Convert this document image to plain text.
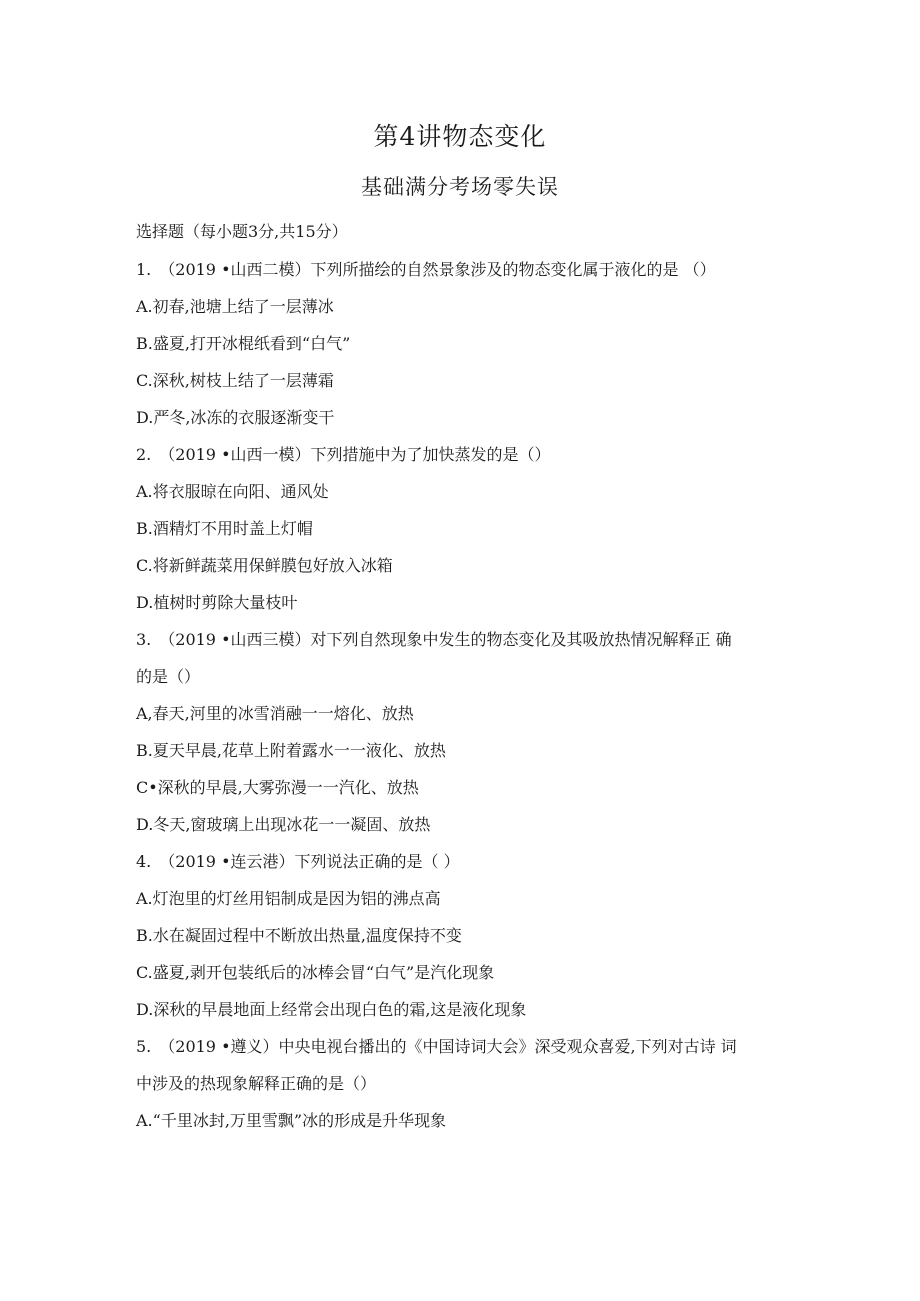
第4讲物态变化
基础满分考场零失误
选择题（每小题3分,共15分）
1.　（2019 •山西二模）下列所描绘的自然景象涉及的物态变化属于液化的是 （）
A.初春,池塘上结了一层薄冰
B.盛夏,打开冰棍纸看到“白气”
C.深秋,树枝上结了一层薄霜
D.严冬,冰冻的衣服逐渐变干
2.　（2019 •山西一模）下列措施中为了加快蒸发的是（）
A.将衣服晾在向阳、通风处
B.酒精灯不用时盖上灯帽
C.将新鲜蔬菜用保鲜膜包好放入冰箱
D.植树时剪除大量枝叶
3.　（2019 •山西三模）对下列自然现象中发生的物态变化及其吸放热情况解释正 确
的是（）
A,春天,河里的冰雪消融一一熔化、放热
B.夏天早晨,花草上附着露水一一液化、放热
C•深秋的早晨,大雾弥漫一一汽化、放热
D.冬天,窗玻璃上出现冰花一一凝固、放热
4.　（2019 •连云港）下列说法正确的是（ ）
A.灯泡里的灯丝用铝制成是因为铝的沸点高
B.水在凝固过程中不断放出热量,温度保持不变
C.盛夏,剥开包装纸后的冰棒会冒“白气”是汽化现象
D.深秋的早晨地面上经常会出现白色的霜,这是液化现象
5.　（2019 •遵义）中央电视台播出的《中国诗词大会》深受观众喜爱,下列对古诗 词
中涉及的热现象解释正确的是（）
A.“千里冰封,万里雪飘”冰的形成是升华现象
